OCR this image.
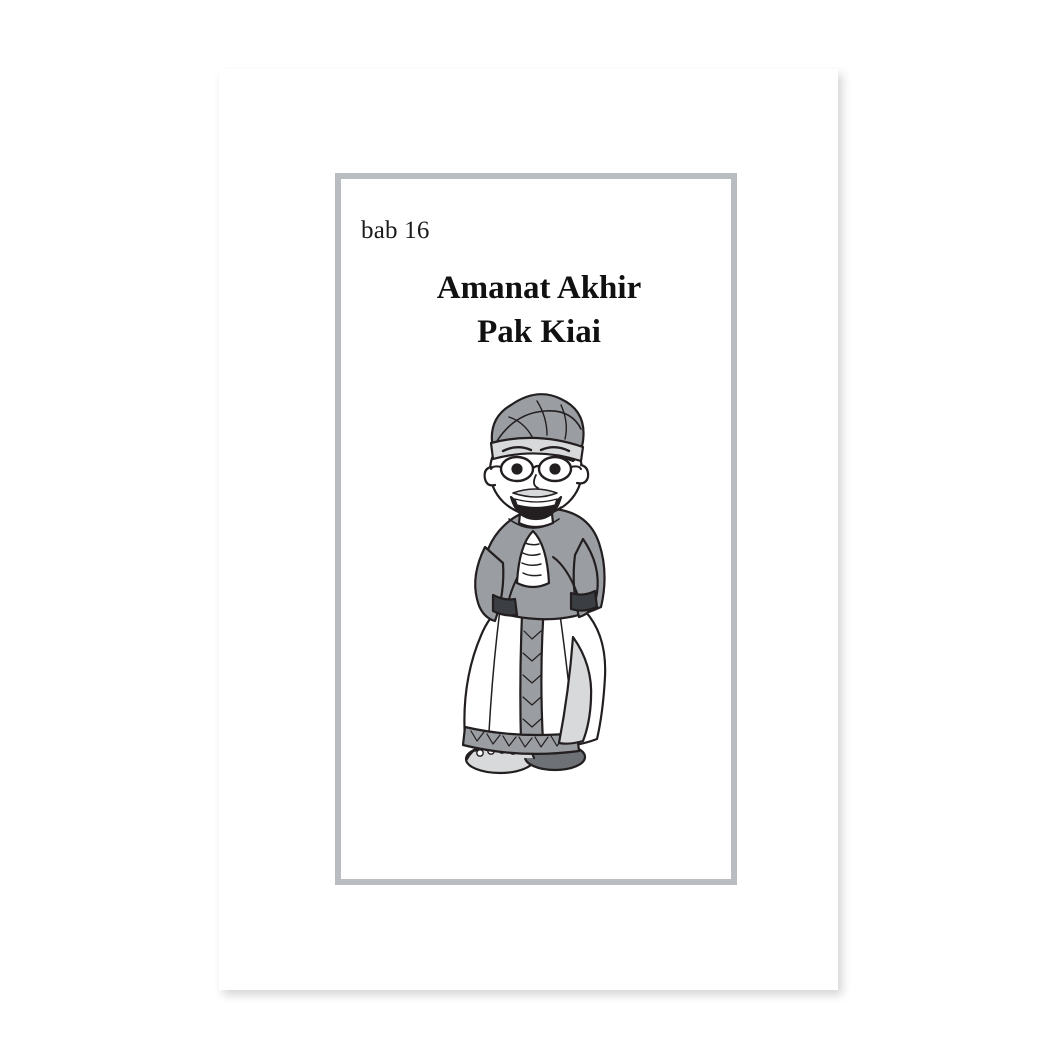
bab 16
Amanat Akhir
Pak Kiai
